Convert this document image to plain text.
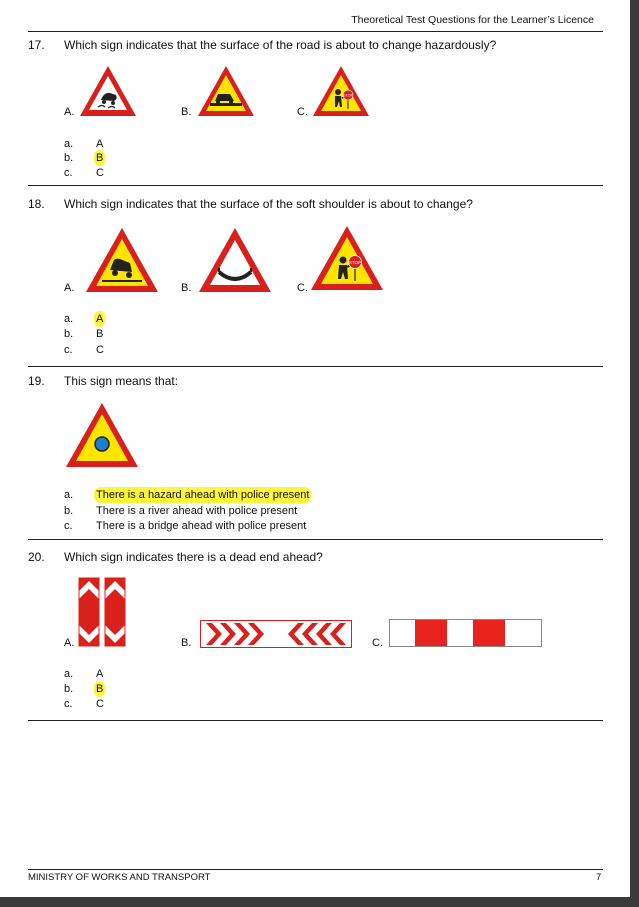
Theoretical Test Questions for the Learner’s Licence
17. Which sign indicates that the surface of the road is about to change hazardously?
A.	B.	C.
STOP
a.	A
b.	B
c.	C
18. Which sign indicates that the surface of the soft shoulder is about to change?
A.	B.	C.
STOP
a.	A
b.	B
c.	C
19. This sign means that:
a.	There is a hazard ahead with police present
b.	There is a river ahead with police present
c.	There is a bridge ahead with police present
20. Which sign indicates there is a dead end ahead?
A.	B.	C.
a.	A
b.	B
c.	C
MINISTRY OF WORKS AND TRANSPORT	7
